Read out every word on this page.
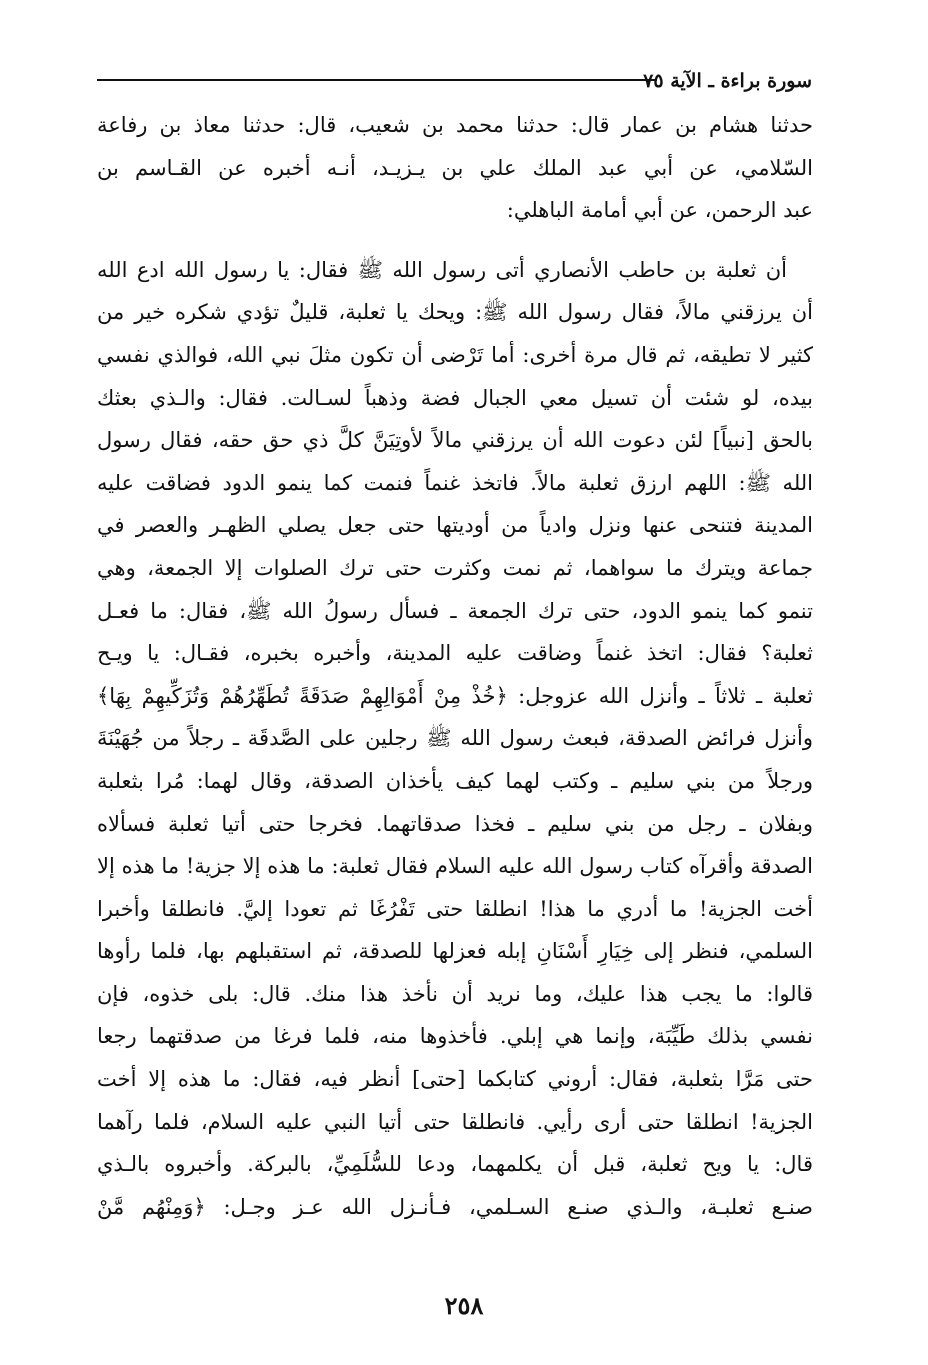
سورة براءة ـ الآية ٧٥
حدثنا هشام بن عمار قال: حدثنا محمد بن شعيب، قال: حدثنا معاذ بن رفاعة
السّلامي، عن أبي عبد الملك علي بن يـزيـد، أنـه أخبره عن القـاسم بن
عبد الرحمن، عن أبي أمامة الباهلي:
أن ثعلبة بن حاطب الأنصاري أتى رسول الله ﷺ فقال: يا رسول الله ادع الله
أن يرزقني مالاً، فقال رسول الله ﷺ: ويحك يا ثعلبة، قليلٌ تؤدي شكره خير من
كثير لا تطيقه، ثم قال مرة أخرى: أما تَرْضى أن تكون مثلَ نبي الله، فوالذي نفسي
بيده، لو شئت أن تسيل معي الجبال فضة وذهباً لسـالت. فقال: والـذي بعثك
بالحق [نبياً] لئن دعوت الله أن يرزقني مالاً لأوتِيَنَّ كلَّ ذي حق حقه، فقال رسول
الله ﷺ: اللهم ارزق ثعلبة مالاً. فاتخذ غنماً فنمت كما ينمو الدود فضاقت عليه
المدينة فتنحى عنها ونزل وادياً من أوديتها حتى جعل يصلي الظهـر والعصر في
جماعة ويترك ما سواهما، ثم نمت وكثرت حتى ترك الصلوات إلا الجمعة، وهي
تنمو كما ينمو الدود، حتى ترك الجمعة ـ فسأل رسولُ الله ﷺ، فقال: ما فعـل
ثعلبة؟ فقال: اتخذ غنماً وضاقت عليه المدينة، وأخبره بخبره، فقـال: يا ويـح
ثعلبة ـ ثلاثاً ـ وأنزل الله عزوجل: ﴿خُذْ مِنْ أَمْوَالِهِمْ صَدَقَةً تُطَهِّرُهُمْ وَتُزَكِّيهِمْ بِهَا﴾
وأنزل فرائض الصدقة، فبعث رسول الله ﷺ رجلين على الصَّدقَة ـ رجلاً من جُهَيْنَةَ
ورجلاً من بني سليم ـ وكتب لهما كيف يأخذان الصدقة، وقال لهما: مُرا بثعلبة
وبفلان ـ رجل من بني سليم ـ فخذا صدقاتهما. فخرجا حتى أتيا ثعلبة فسألاه
الصدقة وأقرآه كتاب رسول الله عليه السلام فقال ثعلبة: ما هذه إلا جزية! ما هذه إلا
أخت الجزية! ما أدري ما هذا! انطلقا حتى تَفْرُغَا ثم تعودا إليَّ. فانطلقا وأخبرا
السلمي، فنظر إلى خِيَارِ أَسْنَانِ إبله فعزلها للصدقة، ثم استقبلهم بها، فلما رأوها
قالوا: ما يجب هذا عليك، وما نريد أن نأخذ هذا منك. قال: بلى خذوه، فإن
نفسي بذلك طَيِّبَة، وإنما هي إبلي. فأخذوها منه، فلما فرغا من صدقتهما رجعا
حتى مَرَّا بثعلبة، فقال: أروني كتابكما [حتى] أنظر فيه، فقال: ما هذه إلا أخت
الجزية! انطلقا حتى أرى رأيي. فانطلقا حتى أتيا النبي عليه السلام، فلما رآهما
قال: يا ويح ثعلبة، قبل أن يكلمهما، ودعا للسُّلَمِيِّ، بالبركة. وأخبروه بالـذي
صنـع ثعلبـة، والـذي صنـع السـلمي، فـأنـزل الله عـز وجـل: ﴿وَمِنْهُم مَّنْ
٢٥٨
